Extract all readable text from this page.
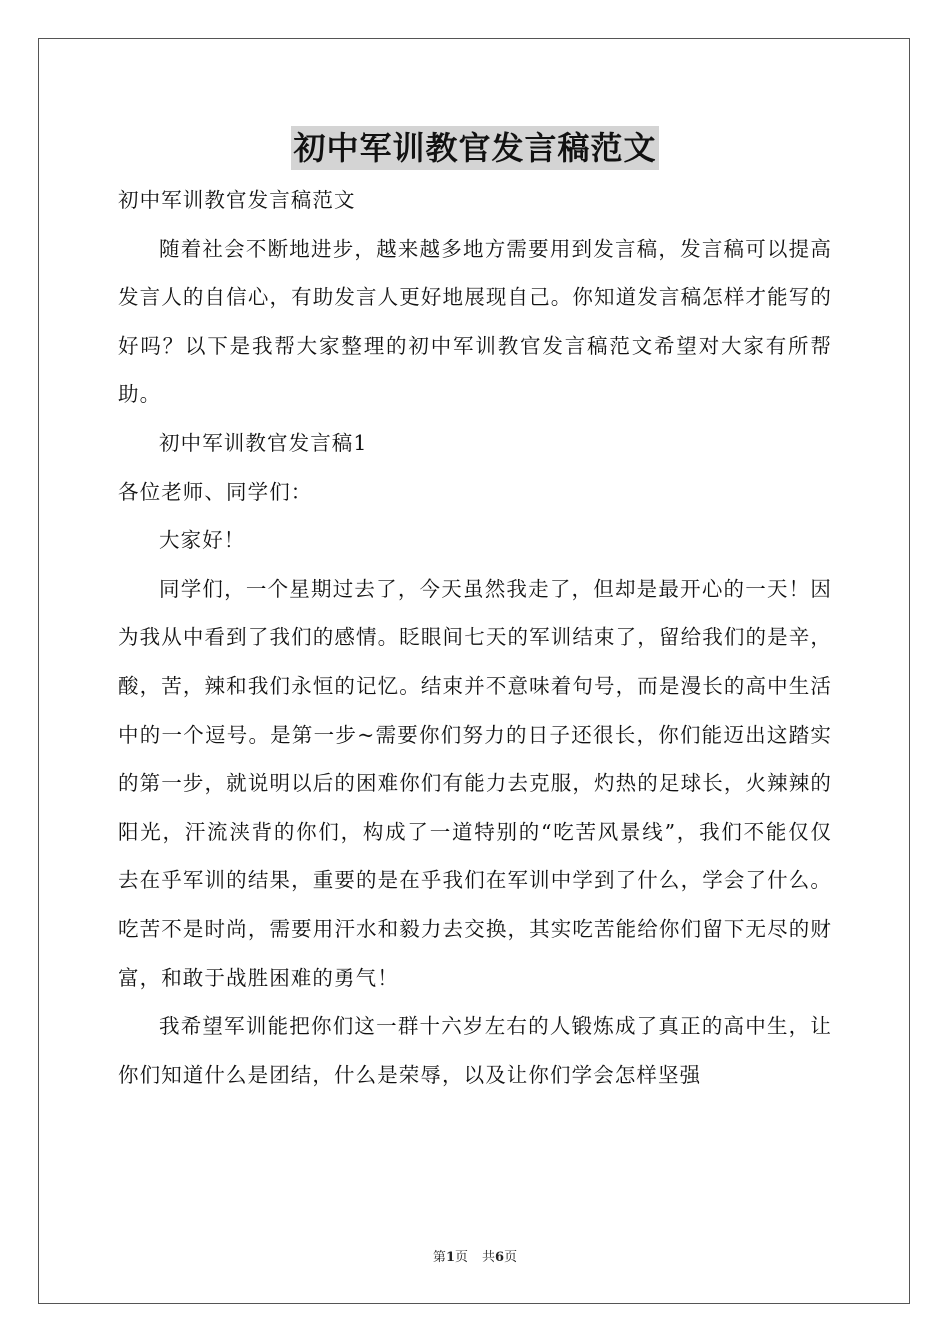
初中军训教官发言稿范文

初中军训教官发言稿范文

随着社会不断地进步，越来越多地方需要用到发言稿，发言稿可以提高发言人的自信心，有助发言人更好地展现自己。你知道发言稿怎样才能写的好吗？以下是我帮大家整理的初中军训教官发言稿范文希望对大家有所帮助。

初中军训教官发言稿1

各位老师、同学们：

大家好！

同学们，一个星期过去了，今天虽然我走了，但却是最开心的一天！因为我从中看到了我们的感情。眨眼间七天的军训结束了，留给我们的是辛，酸，苦，辣和我们永恒的记忆。结束并不意味着句号，而是漫长的高中生活中的一个逗号。是第一步~需要你们努力的日子还很长，你们能迈出这踏实的第一步，就说明以后的困难你们有能力去克服，灼热的足球长，火辣辣的阳光，汗流浃背的你们，构成了一道特别的“吃苦风景线”，我们不能仅仅去在乎军训的结果，重要的是在乎我们在军训中学到了什么，学会了什么。吃苦不是时尚，需要用汗水和毅力去交换，其实吃苦能给你们留下无尽的财富，和敢于战胜困难的勇气！

我希望军训能把你们这一群十六岁左右的人锻炼成了真正的高中生，让你们知道什么是团结，什么是荣辱，以及让你们学会怎样坚强

第1页 共6页
